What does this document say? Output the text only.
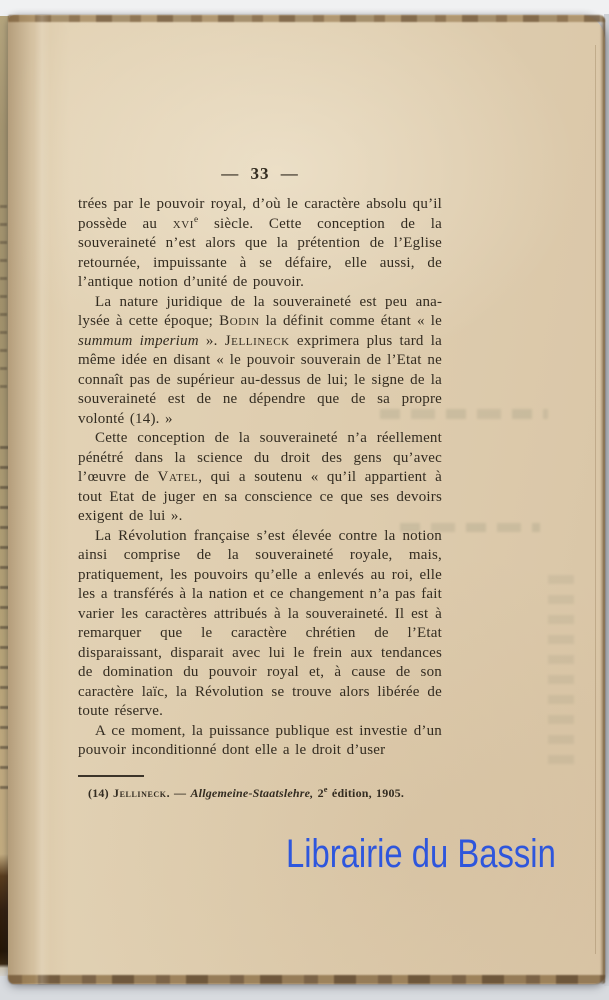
— 33 —

trées par le pouvoir royal, d’où le caractère absolu qu’il possède au xvi$^e$ siècle. Cette conception de la souveraineté n’est alors que la prétention de l’Eglise retournée, impuissante à se défaire, elle aussi, de l’antique notion d’unité de pouvoir.

La nature juridique de la souveraineté est peu analysée à cette époque; Bodin la définit comme étant « le summum imperium ». Jellineck exprimera plus tard la même idée en disant « le pouvoir souverain de l’Etat ne connaît pas de supérieur au-dessus de lui; le signe de la souveraineté est de ne dépendre que de sa propre volonté (14). »

Cette conception de la souveraineté n’a réellement pénétré dans la science du droit des gens qu’avec l’œuvre de Vatel, qui a soutenu « qu’il appartient à tout Etat de juger en sa conscience ce que ses devoirs exigent de lui ».

La Révolution française s’est élevée contre la notion ainsi comprise de la souveraineté royale, mais, pratiquement, les pouvoirs qu’elle a enlevés au roi, elle les a transférés à la nation et ce changement n’a pas fait varier les caractères attribués à la souveraineté. Il est à remarquer que le caractère chrétien de l’Etat disparaissant, disparait avec lui le frein aux tendances de domination du pouvoir royal et, à cause de son caractère laïc, la Révolution se trouve alors libérée de toute réserve.

A ce moment, la puissance publique est investie d’un pouvoir inconditionné dont elle a le droit d’user

(14) Jellineck. — Allgemeine-Staatslehre, 2e édition, 1905.
Librairie du Bassin
